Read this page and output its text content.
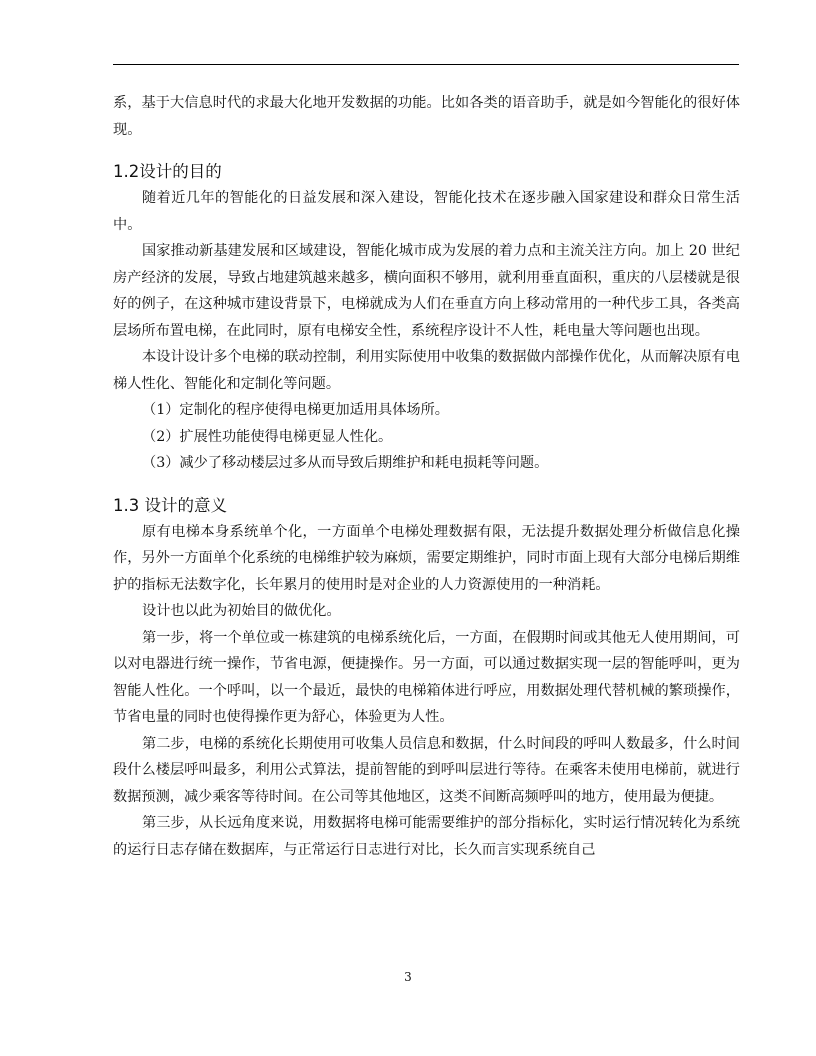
系，基于大信息时代的求最大化地开发数据的功能。比如各类的语音助手，就是如今智能化的很好体现。

1.2设计的目的

随着近几年的智能化的日益发展和深入建设，智能化技术在逐步融入国家建设和群众日常生活中。

国家推动新基建发展和区域建设，智能化城市成为发展的着力点和主流关注方向。加上 20 世纪房产经济的发展，导致占地建筑越来越多，横向面积不够用，就利用垂直面积，重庆的八层楼就是很好的例子，在这种城市建设背景下，电梯就成为人们在垂直方向上移动常用的一种代步工具，各类高层场所布置电梯，在此同时，原有电梯安全性，系统程序设计不人性，耗电量大等问题也出现。

本设计设计多个电梯的联动控制，利用实际使用中收集的数据做内部操作优化，从而解决原有电梯人性化、智能化和定制化等问题。

（1）定制化的程序使得电梯更加适用具体场所。

（2）扩展性功能使得电梯更显人性化。

（3）减少了移动楼层过多从而导致后期维护和耗电损耗等问题。

1.3 设计的意义

原有电梯本身系统单个化，一方面单个电梯处理数据有限，无法提升数据处理分析做信息化操作，另外一方面单个化系统的电梯维护较为麻烦，需要定期维护，同时市面上现有大部分电梯后期维护的指标无法数字化，长年累月的使用时是对企业的人力资源使用的一种消耗。

设计也以此为初始目的做优化。

第一步，将一个单位或一栋建筑的电梯系统化后，一方面，在假期时间或其他无人使用期间，可以对电器进行统一操作，节省电源，便捷操作。另一方面，可以通过数据实现一层的智能呼叫，更为智能人性化。一个呼叫，以一个最近，最快的电梯箱体进行呼应，用数据处理代替机械的繁琐操作，节省电量的同时也使得操作更为舒心，体验更为人性。

第二步，电梯的系统化长期使用可收集人员信息和数据，什么时间段的呼叫人数最多，什么时间段什么楼层呼叫最多，利用公式算法，提前智能的到呼叫层进行等待。在乘客未使用电梯前，就进行数据预测，减少乘客等待时间。在公司等其他地区，这类不间断高频呼叫的地方，使用最为便捷。

第三步，从长远角度来说，用数据将电梯可能需要维护的部分指标化，实时运行情况转化为系统的运行日志存储在数据库，与正常运行日志进行对比，长久而言实现系统自己

3
